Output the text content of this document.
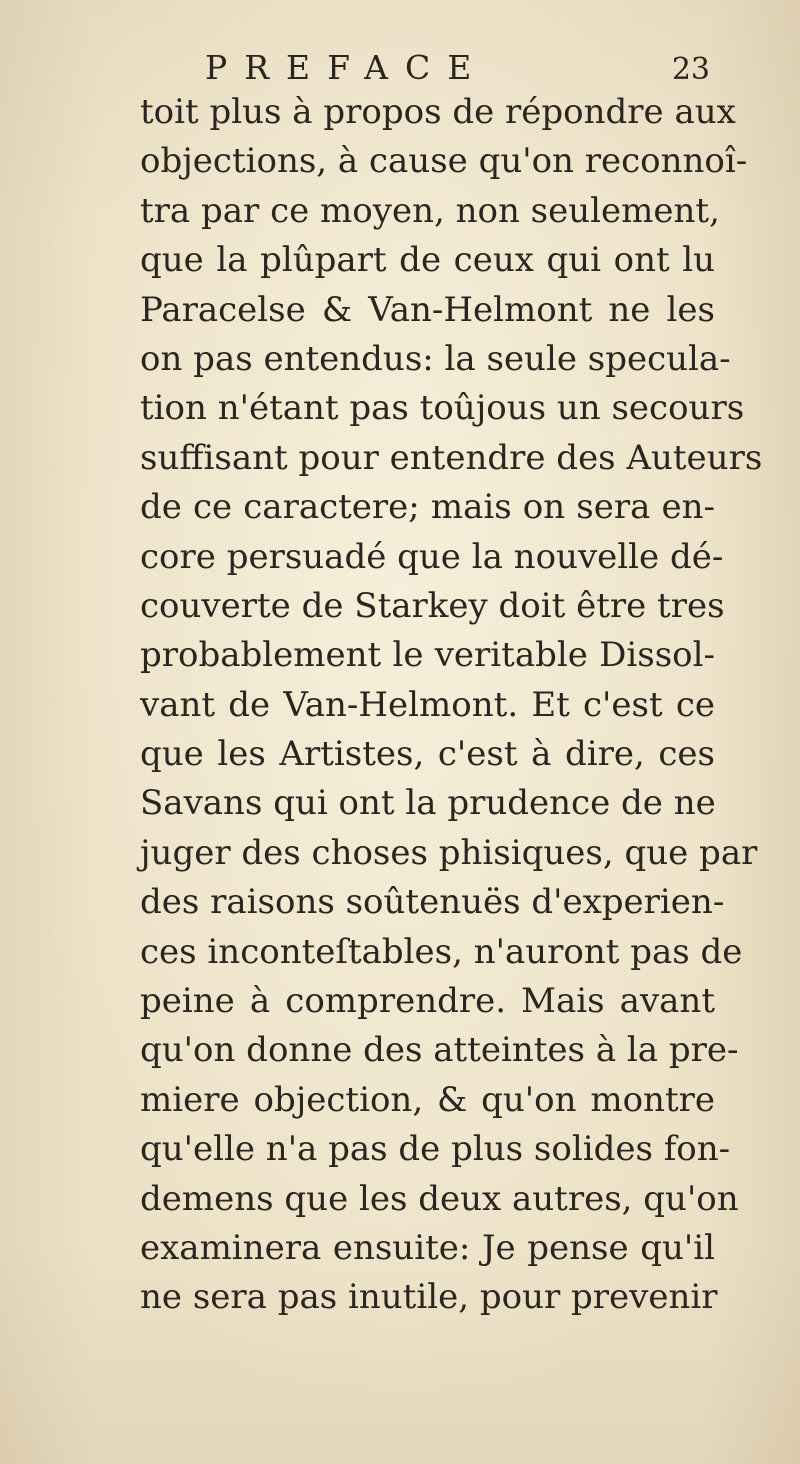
PREFACE	23
toit plus à propos de répondre aux
objections, à cause qu'on reconnoî-
tra par ce moyen, non seulement,
que la plûpart de ceux qui ont lu
Paracelse & Van-Helmont ne les
on pas entendus: la seule specula-
tion n'étant pas toûjous un secours
suffisant pour entendre des Auteurs
de ce caractere; mais on sera en-
core persuadé que la nouvelle dé-
couverte de Starkey doit être tres
probablement le veritable Dissol-
vant de Van-Helmont. Et c'est ce
que les Artistes, c'est à dire, ces
Savans qui ont la prudence de ne
juger des choses phisiques, que par
des raisons soûtenuës d'experien-
ces inconteſtables, n'auront pas de
peine à comprendre. Mais avant
qu'on donne des atteintes à la pre-
miere objection, & qu'on montre
qu'elle n'a pas de plus solides fon-
demens que les deux autres, qu'on
examinera ensuite: Je pense qu'il
ne sera pas inutile, pour prevenir
